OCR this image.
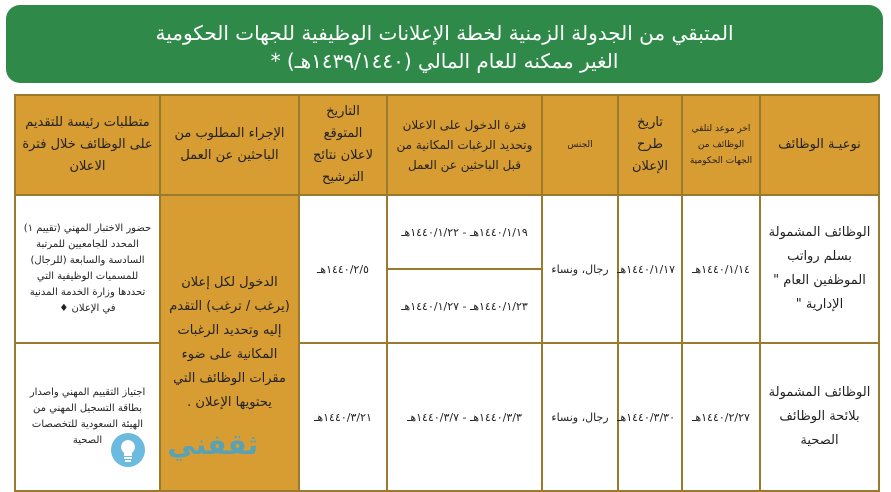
المتبقي من الجدولة الزمنية لخطة الإعلانات الوظيفية للجهات الحكومية
الغير ممكنه للعام المالي (١٤٣٩/١٤٤٠هـ) *
نوعيـة الوظائف	اخر موعد لتلقي الوظائف من الجهات الحكومية	تاريخ طرح الإعلان	الجنس	فترة الدخول على الاعلان وتحديد الرغبات المكانية من قبل الباحثين عن العمل	التاريخ المتوقع لاعلان نتائج الترشيح	الإجراء المطلوب من الباحثين عن العمل	متطلبات رئيسة للتقديم على الوظائف خلال فترة الاعلان
الوظائف المشمولة بسلم رواتب الموظفين العام " الإدارية "	١٤٤٠/١/١٤هـ	١٤٤٠/١/١٧هـ	رجال، ونساء	١٤٤٠/١/١٩هـ - ١٤٤٠/١/٢٢هـ	١٤٤٠/٢/٥هـ	الدخول لكل إعلان (يرغب / ترغب) التقدم إليه وتحديد الرغبات المكانية على ضوء مقرات الوظائف التي يحتويها الإعلان .	حضور الاختبار المهني (تقييم ١) المحدد للجامعيين للمرتبة السادسة والسابعة (للرجال) للمسميات الوظيفية التي تحددها وزارة الخدمة المدنية في الإعلان ♦
				١٤٤٠/١/٢٣هـ - ١٤٤٠/١/٢٧هـ			
الوظائف المشمولة بلائحة الوظائف الصحية	١٤٤٠/٢/٢٧هـ	١٤٤٠/٣/٣٠هـ	رجال، ونساء	١٤٤٠/٣/٣هـ - ١٤٤٠/٣/٧هـ	١٤٤٠/٣/٢١هـ		اجتياز التقييم المهني واصدار بطاقة التسجيل المهني من الهيئة السعودية للتخصصات الصحية ثقفني
